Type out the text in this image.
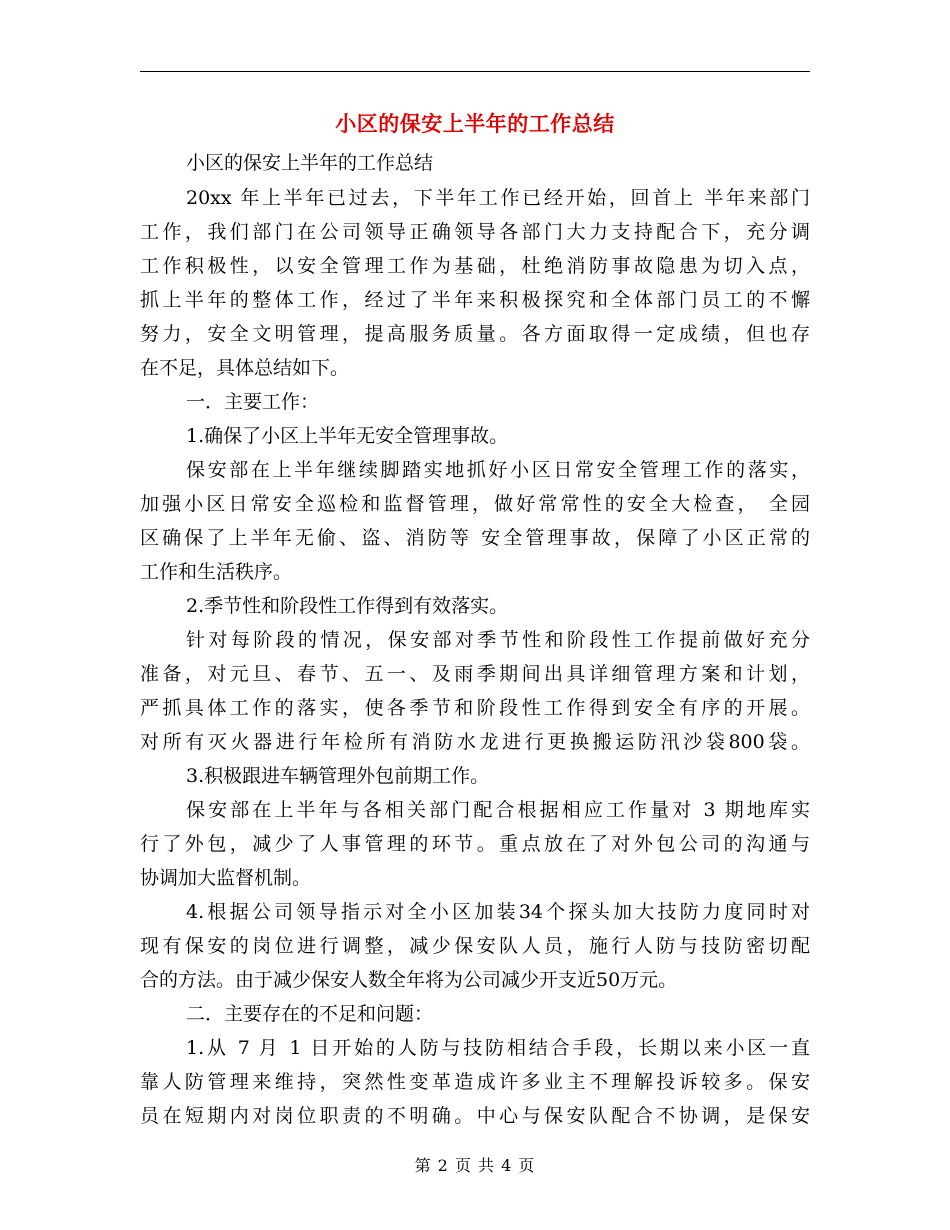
小区的保安上半年的工作总结
小区的保安上半年的工作总结
20xx 年上半年已过去，下半年工作已经开始，回首上 半年来部门
工作，我们部门在公司领导正确领导各部门大力支持配合下，充分调
工作积极性，以安全管理工作为基础，杜绝消防事故隐患为切入点，
抓上半年的整体工作，经过了半年来积极探究和全体部门员工的不懈
努力，安全文明管理，提高服务质量。各方面取得一定成绩，但也存
在不足，具体总结如下。
一．主要工作：
1.确保了小区上半年无安全管理事故。
保安部在上半年继续脚踏实地抓好小区日常安全管理工作的落实，
加强小区日常安全巡检和监督管理，做好常常性的安全大检查， 全园
区确保了上半年无偷、盗、消防等 安全管理事故，保障了小区正常的
工作和生活秩序。
2.季节性和阶段性工作得到有效落实。
针对每阶段的情况，保安部对季节性和阶段性工作提前做好充分
准备，对元旦、春节、五一、及雨季期间出具详细管理方案和计划，
严抓具体工作的落实，使各季节和阶段性工作得到安全有序的开展。
对所有灭火器进行年检所有消防水龙进行更换搬运防汛沙袋800袋。
3.积极跟进车辆管理外包前期工作。
保安部在上半年与各相关部门配合根据相应工作量对 3 期地库实
行了外包，减少了人事管理的环节。重点放在了对外包公司的沟通与
协调加大监督机制。
4.根据公司领导指示对全小区加装34个探头加大技防力度同时对
现有保安的岗位进行调整，减少保安队人员，施行人防与技防密切配
合的方法。由于减少保安人数全年将为公司减少开支近50万元。
二．主要存在的不足和问题：
1.从 7 月 1 日开始的人防与技防相结合手段，长期以来小区一直
靠人防管理来维持，突然性变革造成许多业主不理解投诉较多。保安
员在短期内对岗位职责的不明确。中心与保安队配合不协调，是保安
第 2 页 共 4 页
